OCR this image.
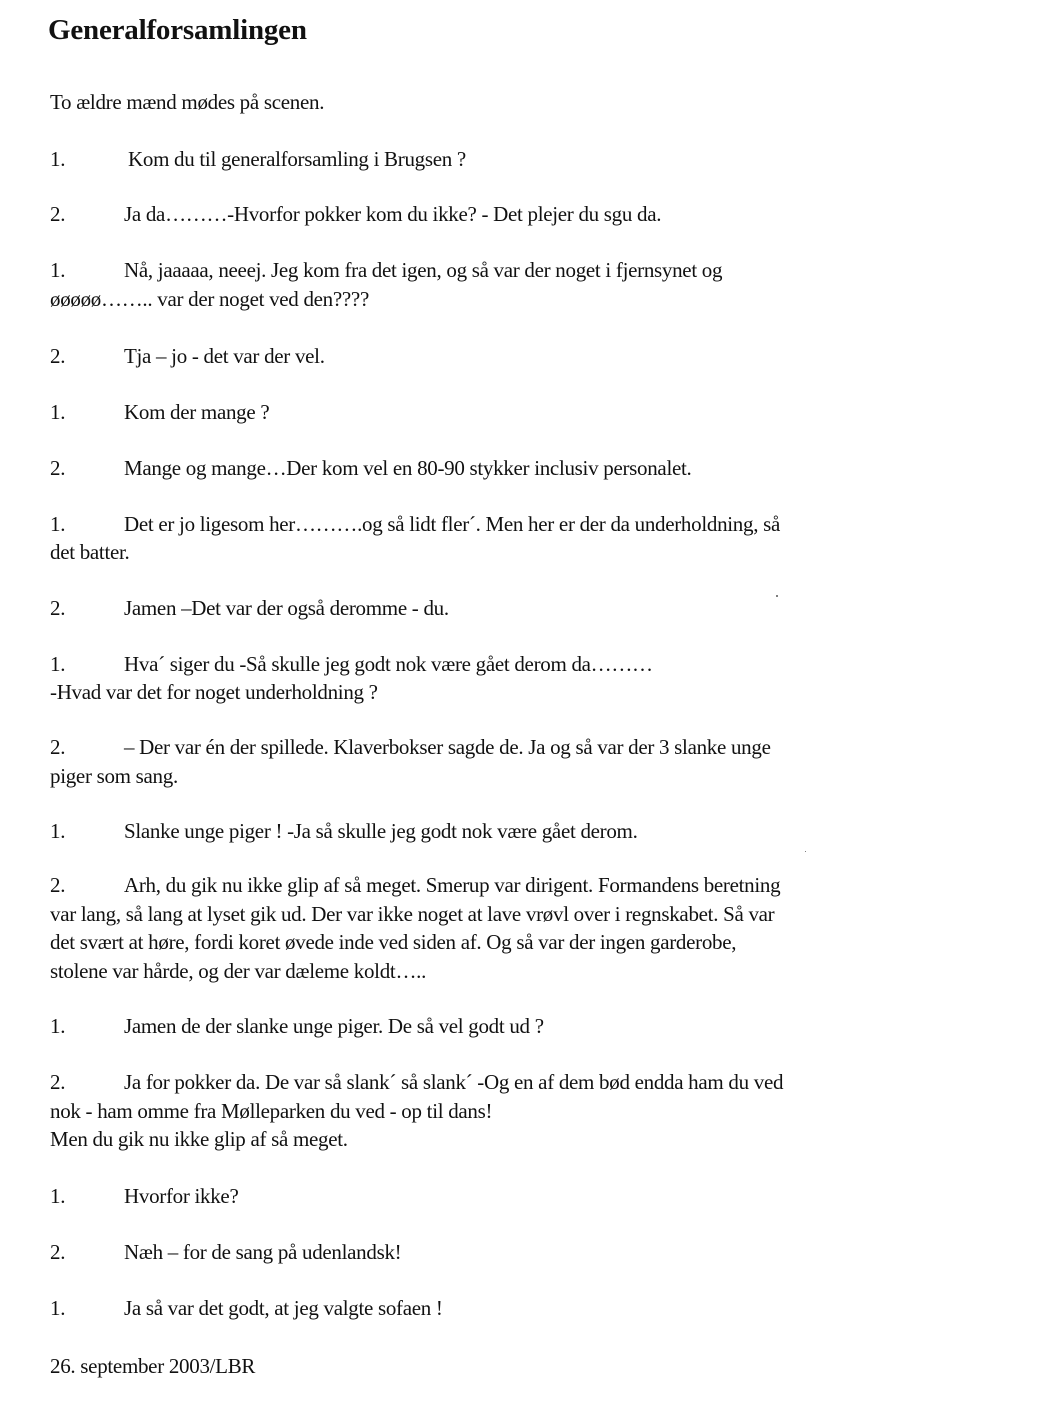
Generalforsamlingen
To ældre mænd mødes på scenen.
1.	Kom du til generalforsamling i Brugsen ?
2.	Ja da………-Hvorfor pokker kom du ikke? - Det plejer du sgu da.
1.	Nå, jaaaaa, neeej. Jeg kom fra det igen, og så var der noget i fjernsynet og
øøøøø…….. var der noget ved den????
2.	Tja – jo - det var der vel.
1.	Kom der mange ?
2.	Mange og mange…Der kom vel en 80-90 stykker inclusiv personalet.
1.	Det er jo ligesom her……….og så lidt fler´. Men her er der da underholdning, så
det batter.
2.	Jamen –Det var der også deromme - du.
1.	Hva´ siger du -Så skulle jeg godt nok være gået derom da………
-Hvad var det for noget underholdning ?
2.	– Der var én der spillede. Klaverbokser sagde de. Ja og så var der 3 slanke unge
piger som sang.
1.	Slanke unge piger ! -Ja så skulle jeg godt nok være gået derom.
2.	Arh, du gik nu ikke glip af så meget. Smerup var dirigent. Formandens beretning
var lang, så lang at lyset gik ud. Der var ikke noget at lave vrøvl over i regnskabet. Så var
det svært at høre, fordi koret øvede inde ved siden af. Og så var der ingen garderobe,
stolene var hårde, og der var dæleme koldt…..
1.	Jamen de der slanke unge piger. De så vel godt ud ?
2.	Ja for pokker da. De var så slank´ så slank´ -Og en af dem bød endda ham du ved
nok - ham omme fra Mølleparken du ved - op til dans!
Men du gik nu ikke glip af så meget.
1.	Hvorfor ikke?
2.	Næh – for de sang på udenlandsk!
1.	Ja så var det godt, at jeg valgte sofaen !
26. september 2003/LBR
